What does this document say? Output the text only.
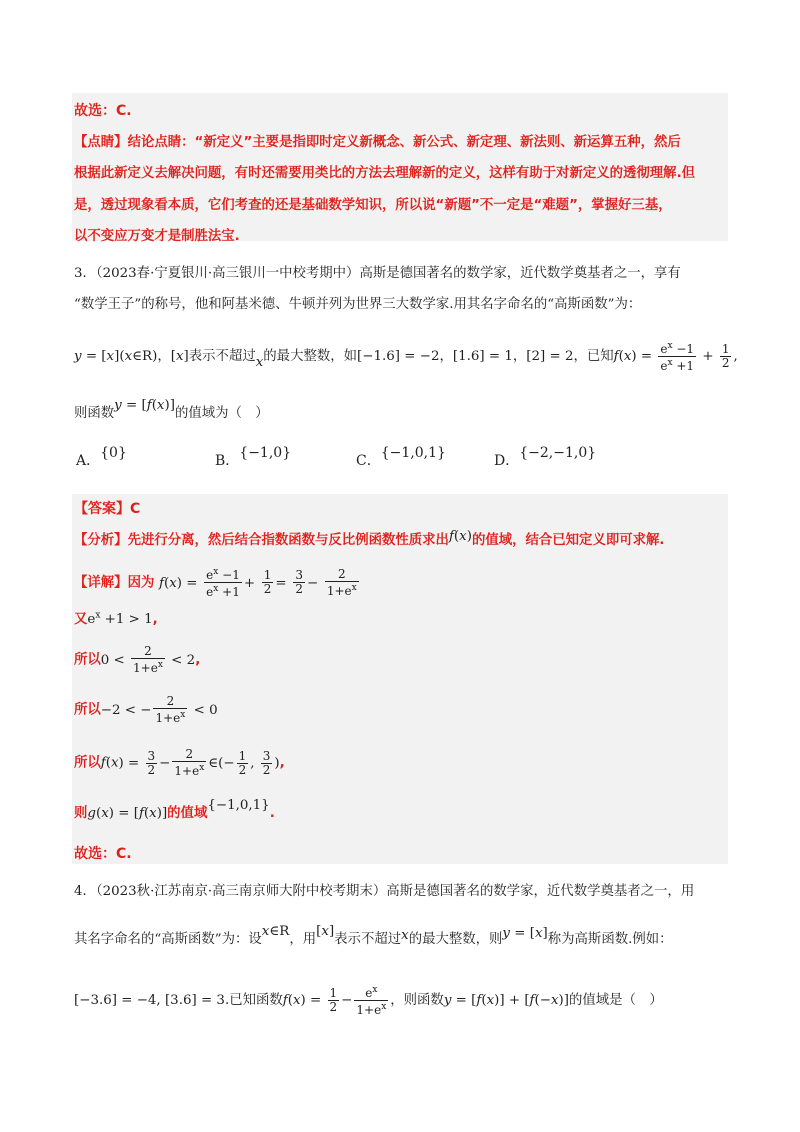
故选：C.
【点睛】结论点睛：“新定义”主要是指即时定义新概念、新公式、新定理、新法则、新运算五种，然后
根据此新定义去解决问题，有时还需要用类比的方法去理解新的定义，这样有助于对新定义的透彻理解.但
是，透过现象看本质，它们考查的还是基础数学知识，所以说“新题”不一定是“难题”，掌握好三基，
以不变应万变才是制胜法宝.
3．（2023春·宁夏银川·高三银川一中校考期中）高斯是德国著名的数学家，近代数学奠基者之一，享有
“数学王子”的称号，他和阿基米德、牛顿并列为世界三大数学家.用其名字命名的“高斯函数”为：
y = [x](x∈R)，[x]表示不超过x的最大整数，如[−1.6] = −2，[1.6] = 1，[2] = 2，已知$f(x) = \frac{e^x -1}{e^x +1} + \frac{1}{2}$ ,
则函数y = [f(x)]的值域为（　）
A．{0}	B．{−1,0}	C．{−1,0,1}	D．{−2,−1,0}
【答案】C
【分析】先进行分离，然后结合指数函数与反比例函数性质求出f(x)的值域，结合已知定义即可求解.
【详解】因为 $f(x) = \frac{e^x -1}{e^x +1} + \frac{1}{2} = \frac{3}{2} - \frac{2}{1+e^x}$
又$e^x +1 > 1$,
所以$0 < \frac{2}{1+e^x} < 2$,
所以−2 < − $\frac{2}{1+e^x} < 0$
所以$f(x) = \frac{3}{2} - \frac{2}{1+e^x}$ ∈(− $\frac{1}{2}$ , $\frac{3}{2}$ ),
则g(x) = [f(x)]的值域{−1,0,1}.
故选：C.
4．（2023秋·江苏南京·高三南京师大附中校考期末）高斯是德国著名的数学家，近代数学奠基者之一，用
其名字命名的“高斯函数”为：设x∈R，用[x]表示不超过x的最大整数，则y = [x]称为高斯函数.例如：
[−3.6] = −4, [3.6] = 3.已知函数$f(x) = \frac{1}{2} - \frac{e^x}{1+e^x}$ ，则函数y = [f(x)] + [f(−x)]的值域是（　）
